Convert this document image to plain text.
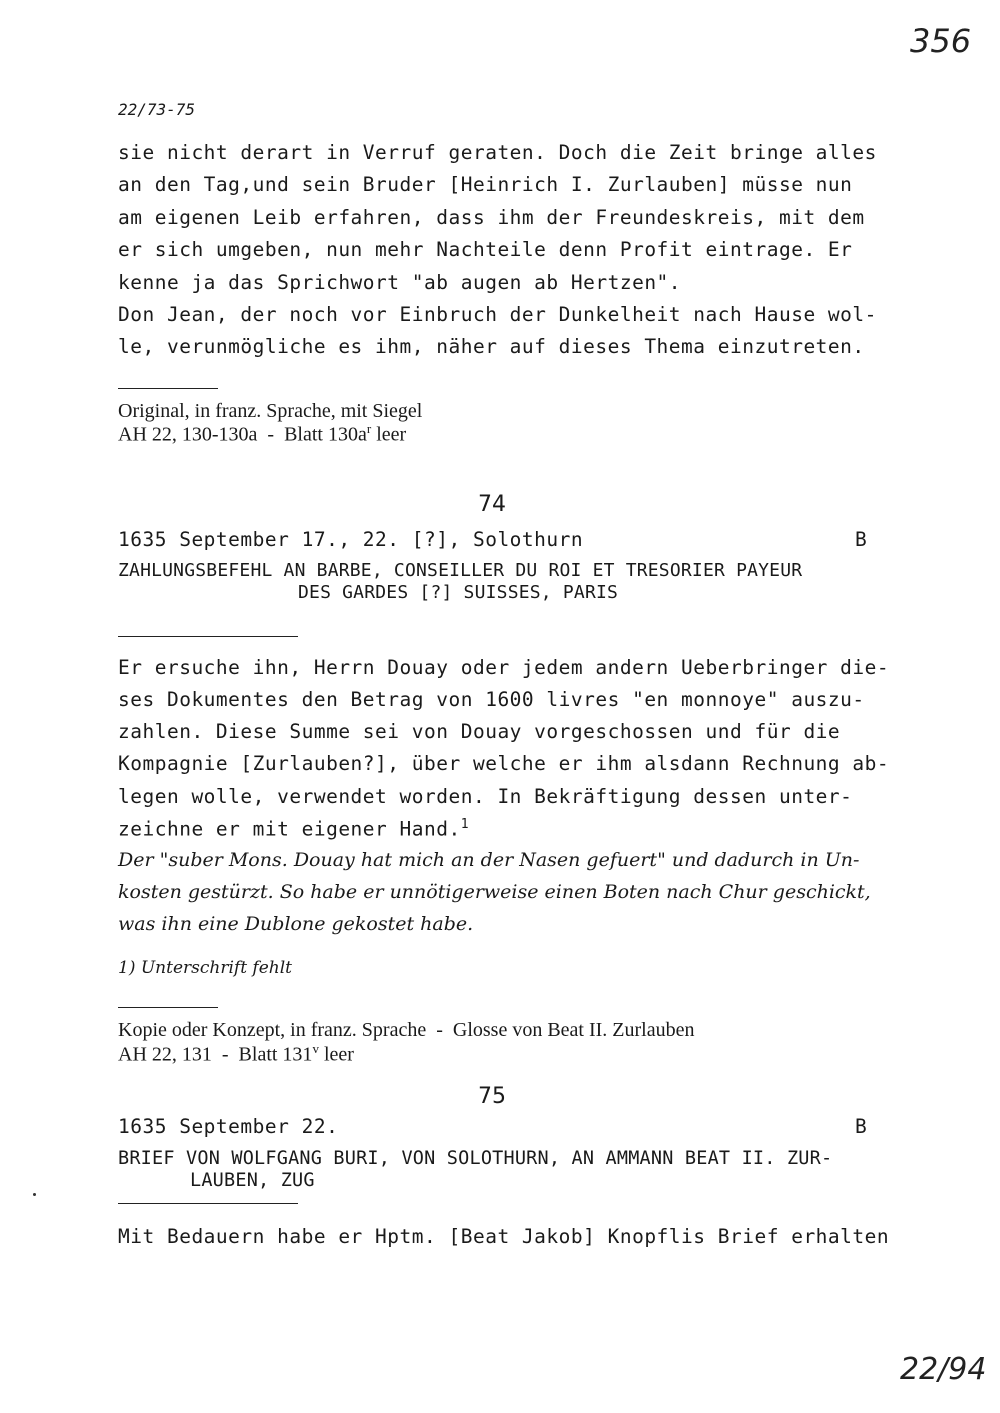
356
22/73-75
sie nicht derart in Verruf geraten. Doch die Zeit bringe alles
an den Tag,und sein Bruder [Heinrich I. Zurlauben] müsse nun
am eigenen Leib erfahren, dass ihm der Freundeskreis, mit dem
er sich umgeben, nun mehr Nachteile denn Profit eintrage. Er
kenne ja das Sprichwort "ab augen ab Hertzen".
Don Jean, der noch vor Einbruch der Dunkelheit nach Hause wol-
le, verunmögliche es ihm, näher auf dieses Thema einzutreten.
Original, in franz. Sprache, mit Siegel
AH 22, 130-130a  -  Blatt $130a^r$ leer
74
1635 September 17., 22. [?], Solothurn	B
ZAHLUNGSBEFEHL AN BARBE, CONSEILLER DU ROI ET TRESORIER PAYEUR
DES GARDES [?] SUISSES, PARIS
Er ersuche ihn, Herrn Douay oder jedem andern Ueberbringer die-
ses Dokumentes den Betrag von 1600 livres "en monnoye" auszu-
zahlen. Diese Summe sei von Douay vorgeschossen und für die
Kompagnie [Zurlauben?], über welche er ihm alsdann Rechnung ab-
legen wolle, verwendet worden. In Bekräftigung dessen unter-
zeichne er mit eigener Hand.$^1$
Der "suber Mons. Douay hat mich an der Nasen gefuert" und dadurch in Un-
kosten gestürzt. So habe er unnötigerweise einen Boten nach Chur geschickt,
was ihn eine Dublone gekostet habe.
1) Unterschrift fehlt
Kopie oder Konzept, in franz. Sprache  -  Glosse von Beat II. Zurlauben
AH 22, 131  -  Blatt 131$^v$ leer
75
1635 September 22.	B
BRIEF VON WOLFGANG BURI, VON SOLOTHURN, AN AMMANN BEAT II. ZUR-
LAUBEN, ZUG
Mit Bedauern habe er Hptm. [Beat Jakob] Knopflis Brief erhalten
22/94
